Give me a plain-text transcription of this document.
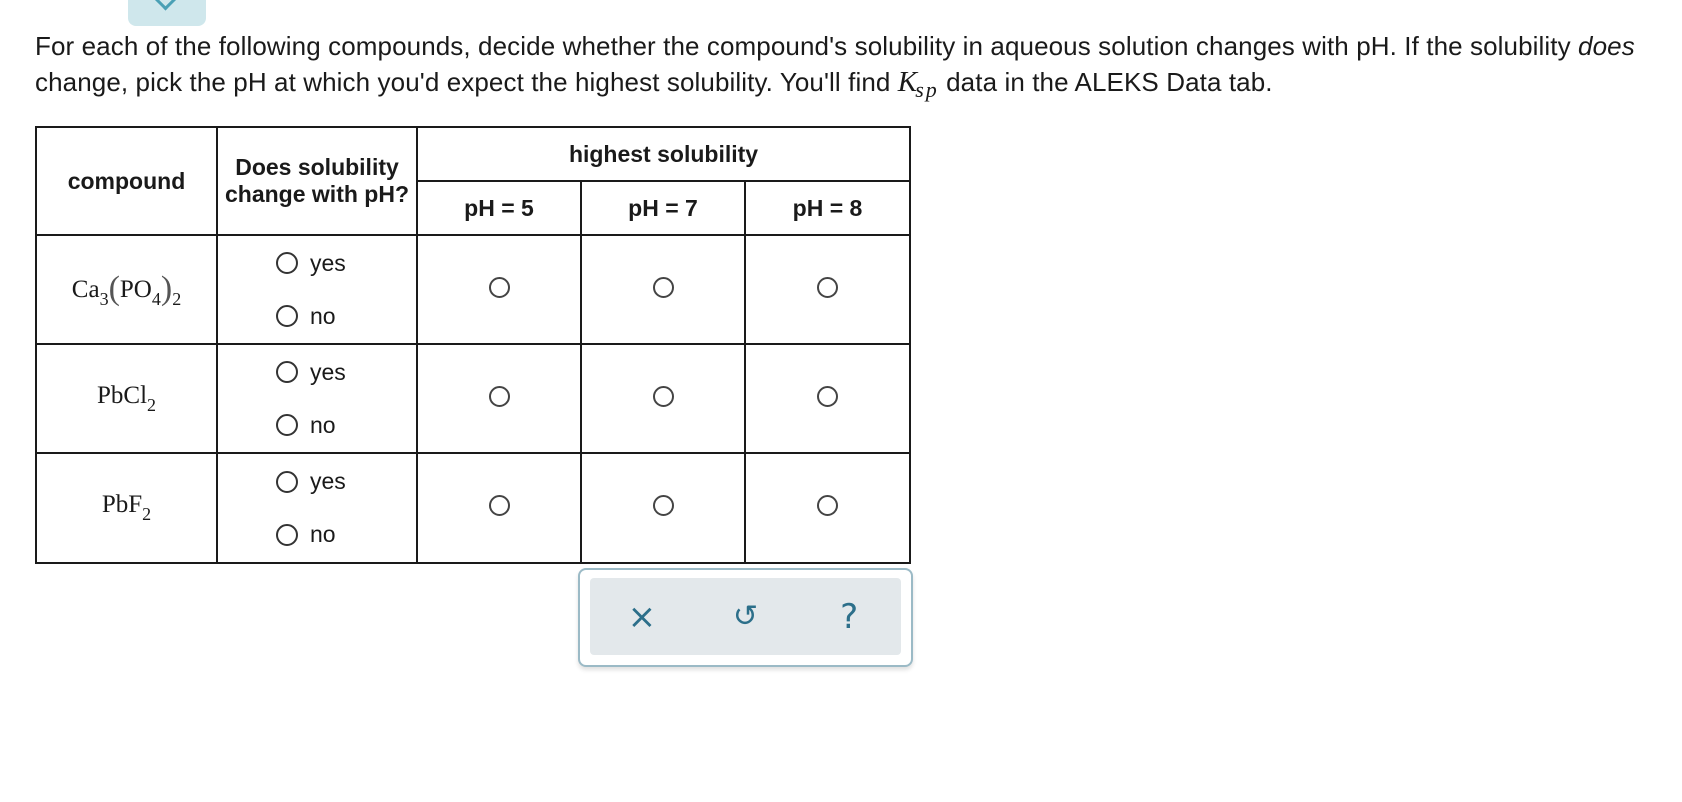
For each of the following compounds, decide whether the compound's solubility in aqueous solution changes with pH. If the solubility does change, pick the pH at which you'd expect the highest solubility. You'll find $K_{sp}$ data in the ALEKS Data tab.
compound	Does solubility change with pH?	highest solubility		
		pH = 5	pH = 7	pH = 8
$Ca_3(PO_4)_2$	yes
no			

PbCl$_2$	yes
no			

PbF$_2$	yes
no			

×	↺ ?
